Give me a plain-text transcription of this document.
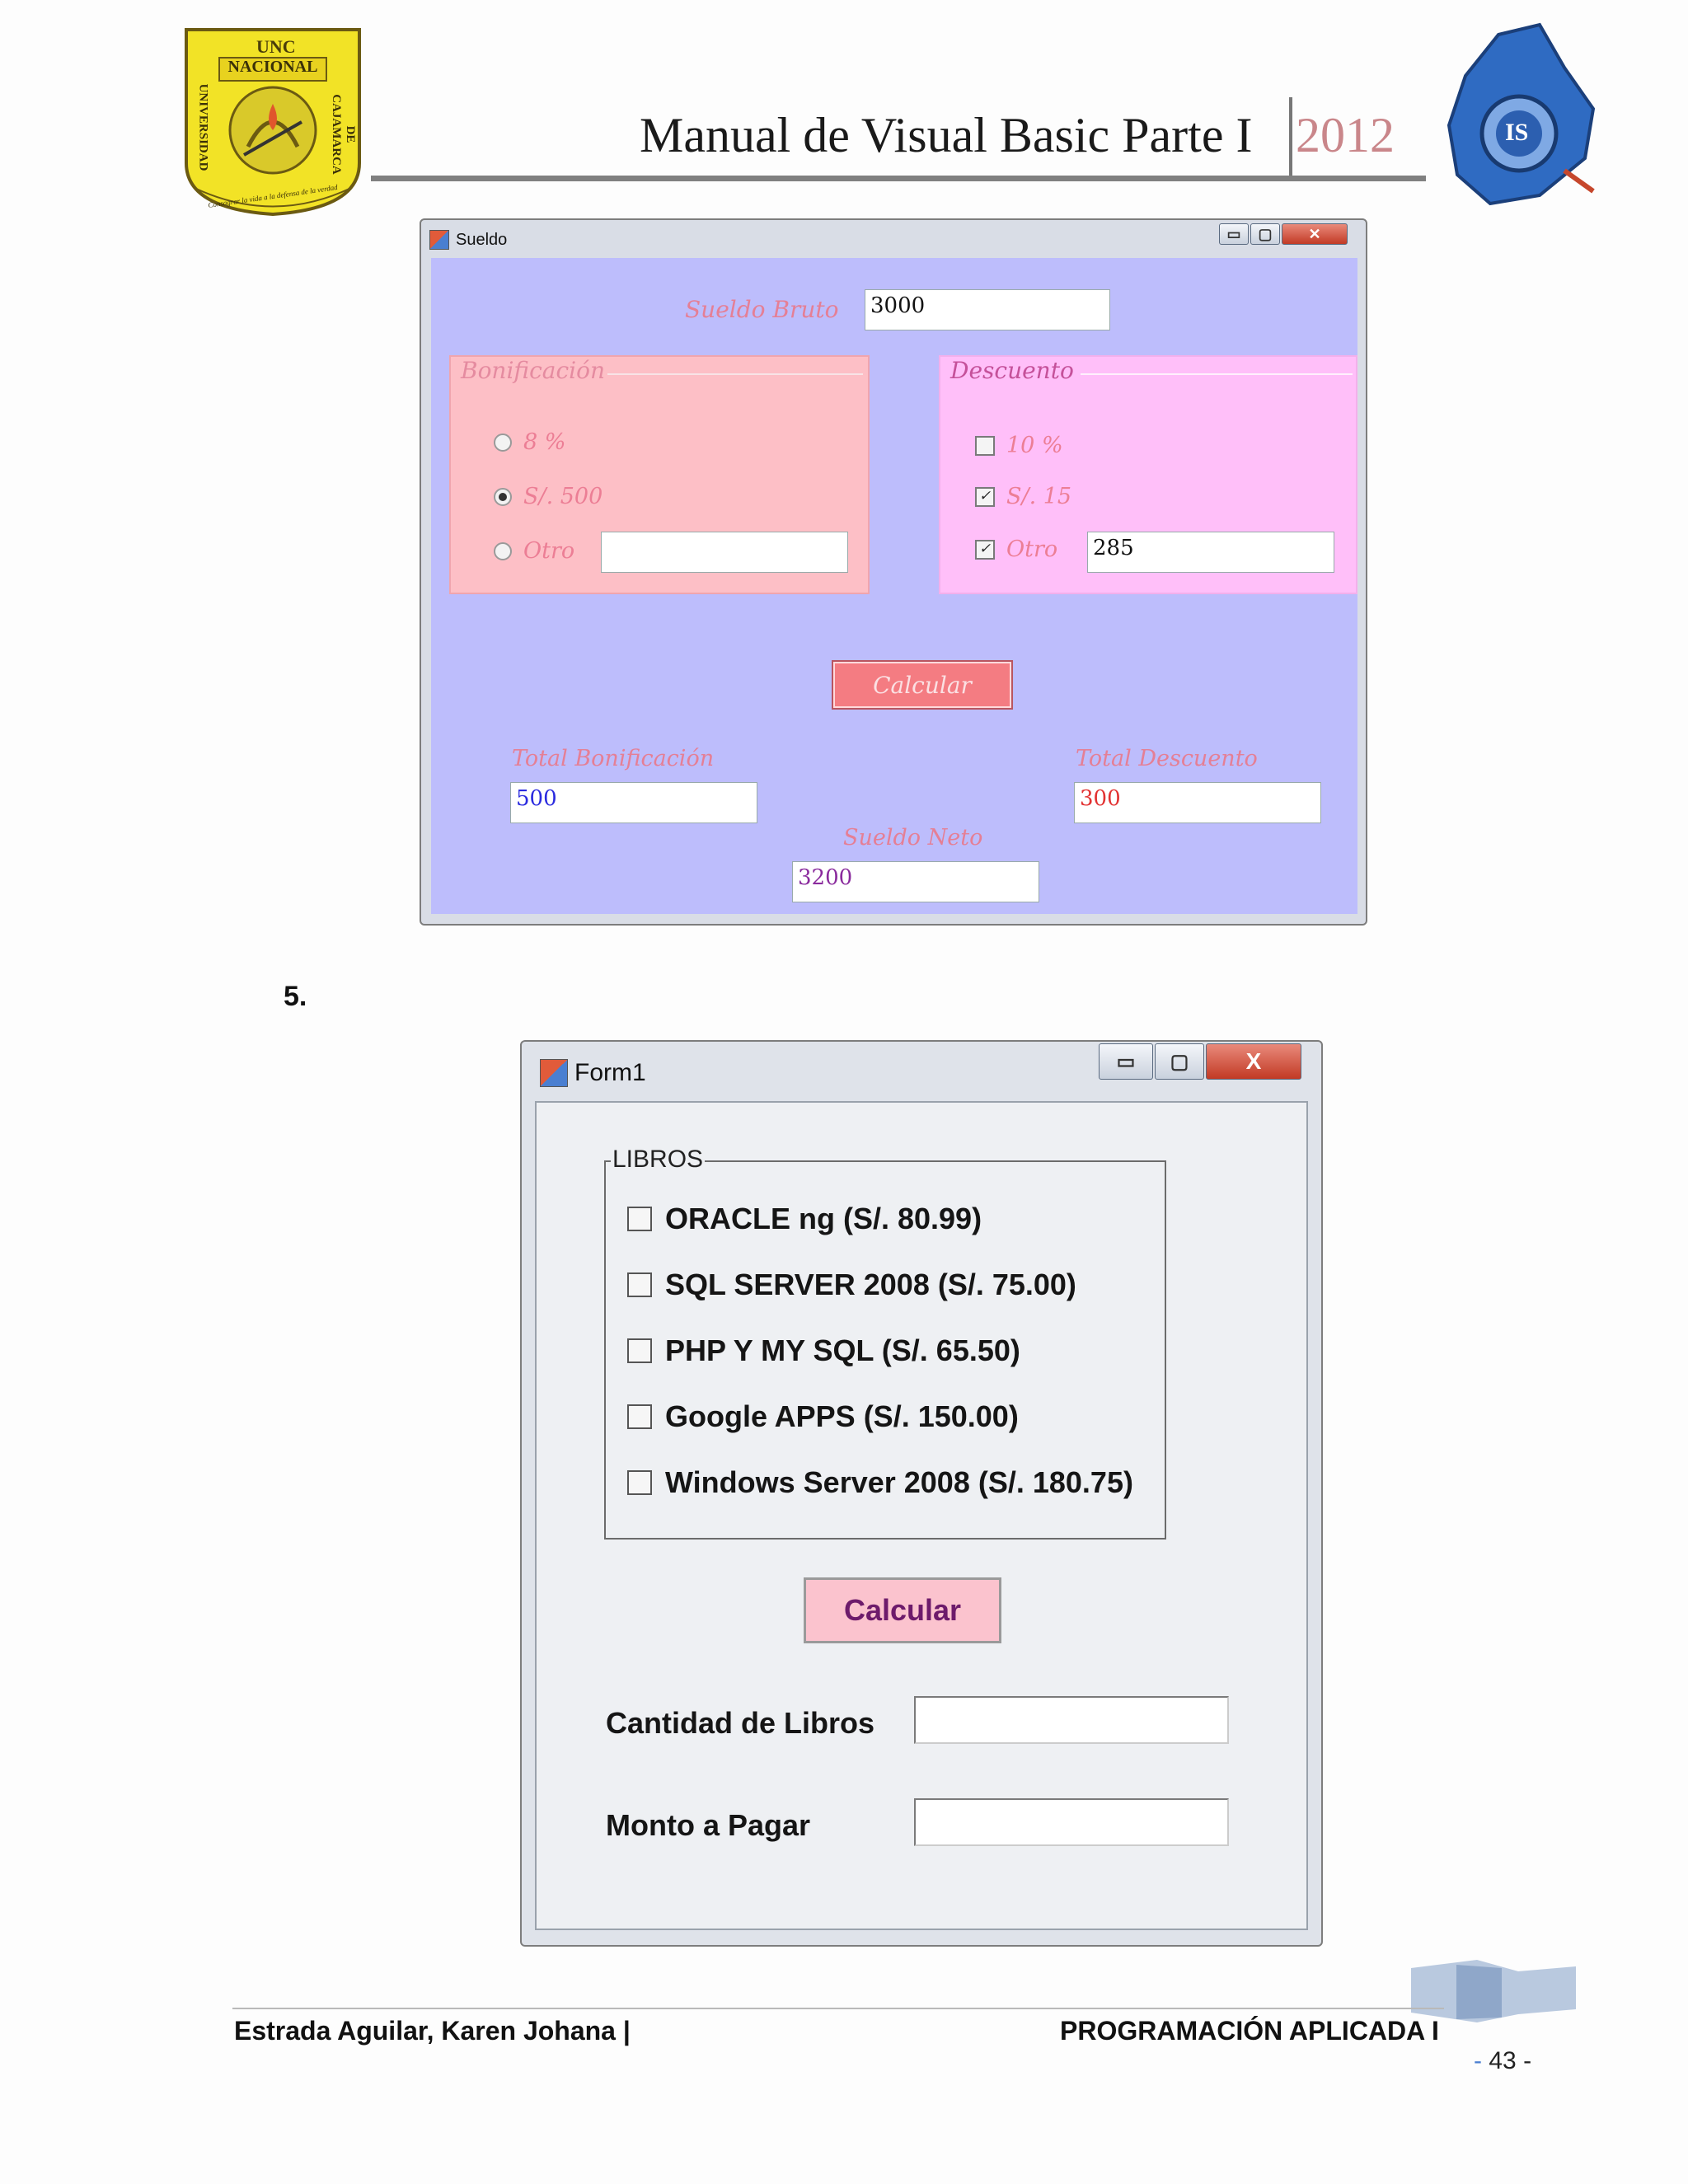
UNC
NACIONAL
UNIVERSIDAD	DE CAJAMARCA
Consagrar la vida a la defensa de la verdad
Manual de Visual Basic Parte I 2012	IS
Sueldo	▭	▢	✕
Sueldo Bruto 3000
Bonificación
8 %
S/. 500
Otro
Descuento
10 %
✓ S/. 15
✓ Otro 285
Calcular
Total Bonificación
500
Total Descuento
300
Sueldo Neto
3200
5.
Form1	▭	▢	X
LIBROS
ORACLE ng (S/. 80.99)
SQL SERVER 2008 (S/. 75.00)
PHP Y MY SQL (S/. 65.50)
Google APPS (S/. 150.00)
Windows Server 2008 (S/. 180.75)
Calcular
Cantidad de Libros
Monto a Pagar
Estrada Aguilar, Karen Johana |	PROGRAMACIÓN APLICADA I
- 43 -
